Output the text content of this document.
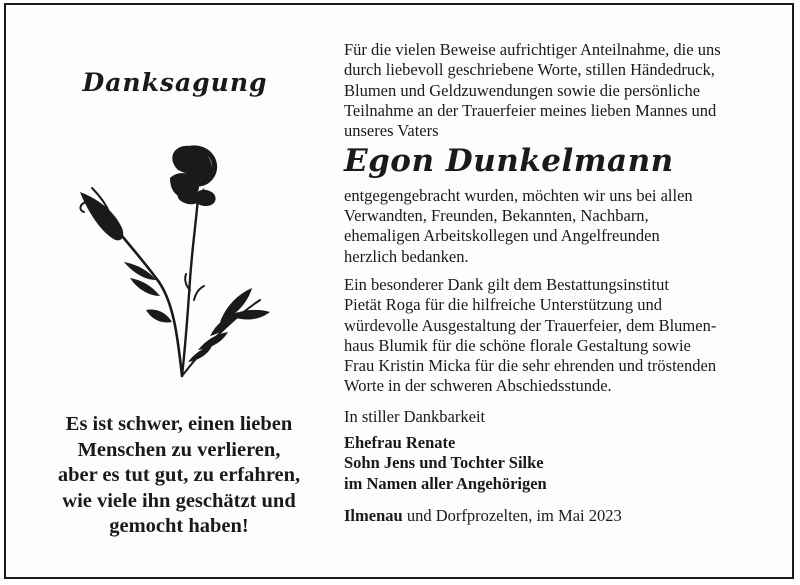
Danksagung
Es ist schwer, einen lieben
Menschen zu verlieren,
aber es tut gut, zu erfahren,
wie viele ihn geschätzt und
gemocht haben!

Für die vielen Beweise aufrichtiger Anteilnahme, die uns
durch liebevoll geschriebene Worte, stillen Händedruck,
Blumen und Geldzuwendungen sowie die persönliche
Teilnahme an der Trauerfeier meines lieben Mannes und
unseres Vaters

Egon Dunkelmann

entgegengebracht wurden, möchten wir uns bei allen
Verwandten, Freunden, Bekannten, Nachbarn,
ehemaligen Arbeitskollegen und Angelfreunden
herzlich bedanken.

Ein besonderer Dank gilt dem Bestattungsinstitut
Pietät Roga für die hilfreiche Unterstützung und
würdevolle Ausgestaltung der Trauerfeier, dem Blumen-
haus Blumik für die schöne florale Gestaltung sowie
Frau Kristin Micka für die sehr ehrenden und tröstenden
Worte in der schweren Abschiedsstunde.

In stiller Dankbarkeit

Ehefrau Renate
Sohn Jens und Tochter Silke
im Namen aller Angehörigen

Ilmenau und Dorfprozelten, im Mai 2023
